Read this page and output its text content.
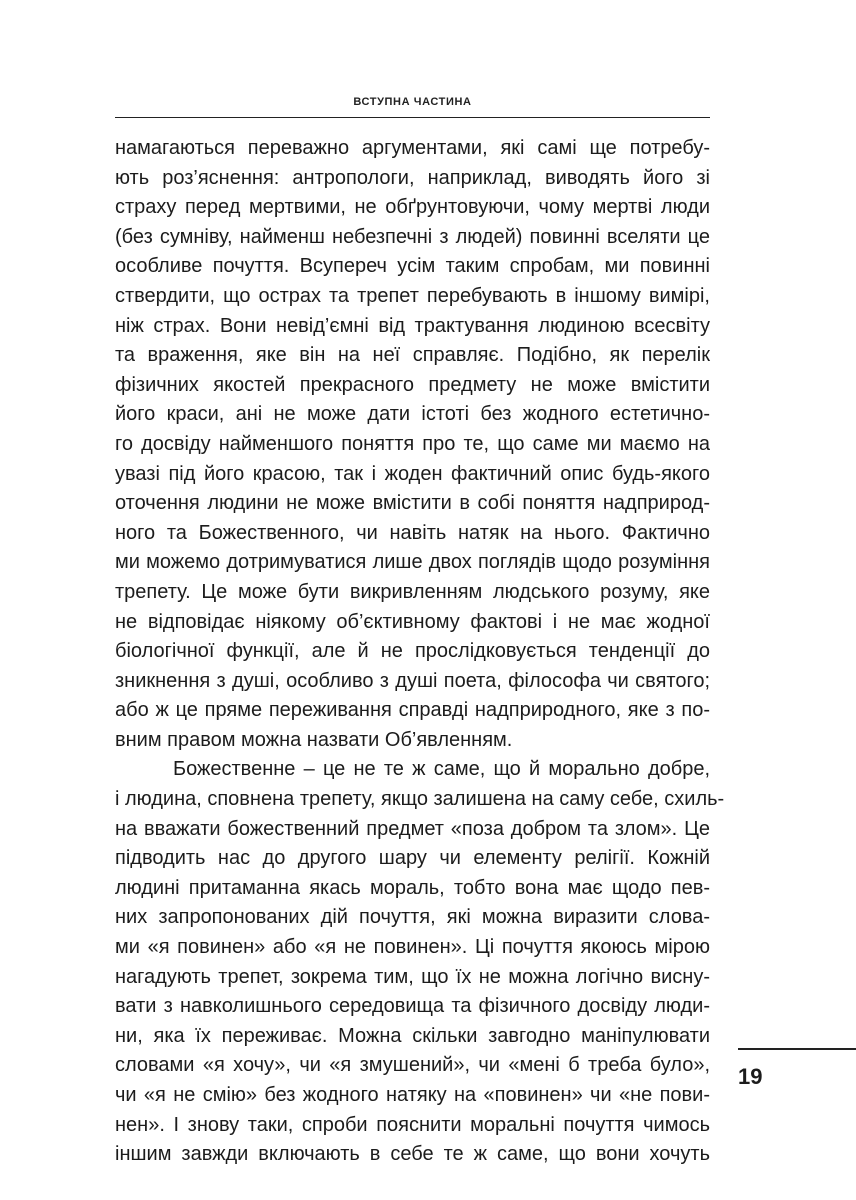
ВСТУПНА ЧАСТИНА
намагаються переважно аргументами, які самі ще потребу-
ють роз’яснення: антропологи, наприклад, виводять його зі
страху перед мертвими, не обґрунтовуючи, чому мертві люди
(без сумніву, найменш небезпечні з людей) повинні вселяти це
особливе почуття. Всупереч усім таким спробам, ми повинні
ствердити, що острах та трепет перебувають в іншому вимірі,
ніж страх. Вони невід’ємні від трактування людиною всесвіту
та враження, яке він на неї справляє. Подібно, як перелік
фізичних якостей прекрасного предмету не може вмістити
його краси, ані не може дати істоті без жодного естетично-
го досвіду найменшого поняття про те, що саме ми маємо на
увазі під його красою, так і жоден фактичний опис будь-якого
оточення людини не може вмістити в собі поняття надприрод-
ного та Божественного, чи навіть натяк на нього. Фактично
ми можемо дотримуватися лише двох поглядів щодо розуміння
трепету. Це може бути викривленням людського розуму, яке
не відповідає ніякому об’єктивному фактові і не має жодної
біологічної функції, але й не прослідковується тенденції до
зникнення з душі, особливо з душі поета, філософа чи святого;
або ж це пряме переживання справді надприродного, яке з по-
вним правом можна назвати Об’явленням.
Божественне – це не те ж саме, що й морально добре,
і людина, сповнена трепету, якщо залишена на саму себе, схиль-
на вважати божественний предмет «поза добром та злом». Це
підводить нас до другого шару чи елементу релігії. Кожній
людині притаманна якась мораль, тобто вона має щодо пев-
них запропонованих дій почуття, які можна виразити слова-
ми «я повинен» або «я не повинен». Ці почуття якоюсь мірою
нагадують трепет, зокрема тим, що їх не можна логічно висну-
вати з навколишнього середовища та фізичного досвіду люди-
ни, яка їх переживає. Можна скільки завгодно маніпулювати
словами «я хочу», чи «я змушений», чи «мені б треба було»,
чи «я не смію» без жодного натяку на «повинен» чи «не пови-
нен». І знову таки, спроби пояснити моральні почуття чимось
іншим завжди включають в себе те ж саме, що вони хочуть
19
